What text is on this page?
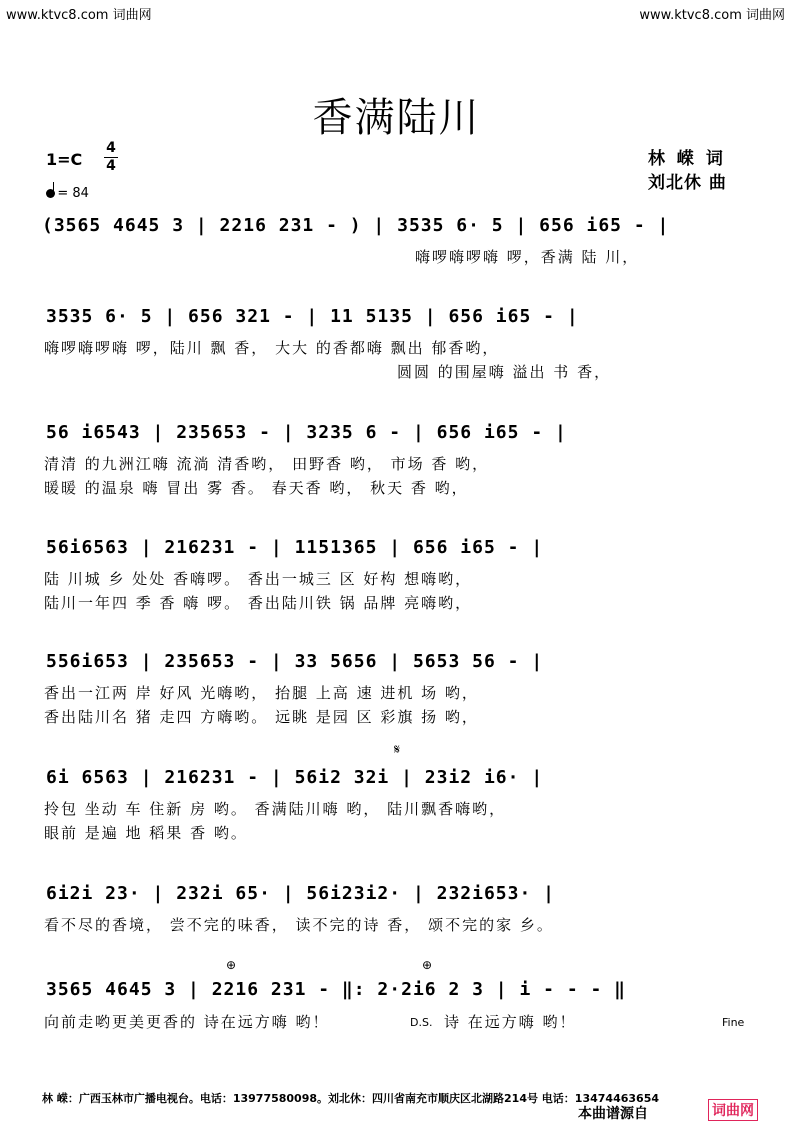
www.ktvc8.com 词曲网	www.ktvc8.com 词曲网
香满陆川
1=C
4
4
= 84
林 嵘 词
刘北休 曲
(3565 4645 3 | 2216 231 - ) | 3535 6· 5 | 656 i65 - |
嗨啰嗨啰嗨 啰，香满 陆 川，
3535 6· 5 | 656 321 - | 11 5135 | 656 i65 - |
嗨啰嗨啰嗨 啰，陆川 飘 香， 大大 的香都嗨 飘出 郁香哟，
圆圆 的围屋嗨 溢出 书 香，
56 i6543 | 235653 - | 3235 6 - | 656 i65 - |
清清 的九洲江嗨 流淌 清香哟， 田野香 哟， 市场 香 哟，
暖暖 的温泉 嗨 冒出 雾 香。 春天香 哟， 秋天 香 哟，
56i6563 | 216231 - | 1151365 | 656 i65 - |
陆 川城 乡 处处 香嗨啰。 香出一城三 区 好构 想嗨哟，
陆川一年四 季 香 嗨 啰。 香出陆川铁 锅 品牌 亮嗨哟，
556i653 | 235653 - | 33 5656 | 5653 56 - |
香出一江两 岸 好风 光嗨哟， 抬腿 上高 速 进机 场 哟，
香出陆川名 猪 走四 方嗨哟。 远眺 是园 区 彩旗 扬 哟，
𝄋
6i 6563 | 216231 - | 56i2 32i | 23i2 i6· |
拎包 坐动 车 住新 房 哟。 香满陆川嗨 哟， 陆川飘香嗨哟，
眼前 是遍 地 稻果 香 哟。
6i2i 23· | 232i 65· | 56i23i2· | 232i653· |
看不尽的香境， 尝不完的味香， 读不完的诗 香， 颂不完的家 乡。
⊕	⊕
3565 4645 3 | 2216 231 - ‖: 2·2i6 2 3 | i - - - ‖
向前走哟更美更香的 诗在远方嗨 哟！	D.S. 诗 在远方嗨 哟！	Fine
林 嵘：广西玉林市广播电视台。电话：13977580098。刘北休：四川省南充市顺庆区北湖路214号 电话：13474463654
本曲谱源自	词曲网
